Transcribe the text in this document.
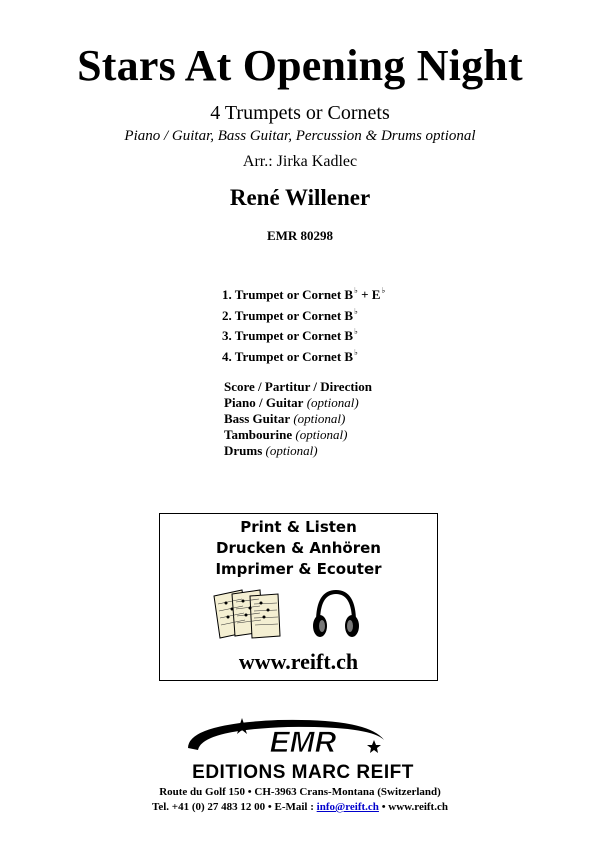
Stars At Opening Night
4 Trumpets or Cornets
Piano / Guitar, Bass Guitar, Percussion & Drums optional
Arr.: Jirka Kadlec
René Willener
EMR 80298
1. Trumpet or Cornet B♭ + E♭
2. Trumpet or Cornet B♭
3. Trumpet or Cornet B♭
4. Trumpet or Cornet B♭
Score / Partitur / Direction
Piano / Guitar (optional)
Bass Guitar (optional)
Tambourine (optional)
Drums (optional)
Print & Listen
Drucken & Anhören
Imprimer & Ecouter
www.reift.ch
EMR
EDITIONS MARC REIFT
Route du Golf 150 • CH-3963 Crans-Montana (Switzerland)
Tel. +41 (0) 27 483 12 00 • E-Mail : info@reift.ch • www.reift.ch
